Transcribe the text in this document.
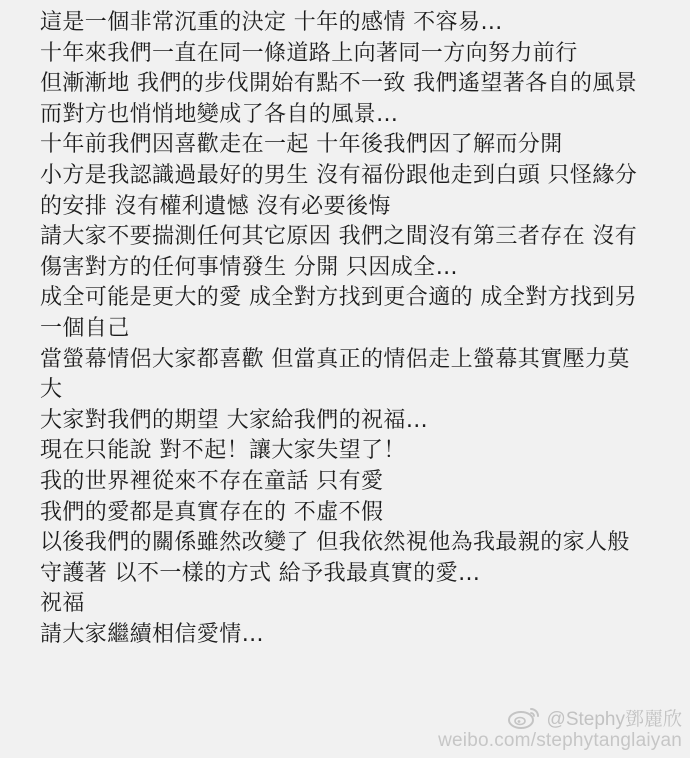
這是一個非常沉重的決定 十年的感情 不容易…
十年來我們一直在同一條道路上向著同一方向努力前行
但漸漸地 我們的步伐開始有點不一致 我們遙望著各自的風景
而對方也悄悄地變成了各自的風景…
十年前我們因喜歡走在一起 十年後我們因了解而分開
小方是我認識過最好的男生 沒有福份跟他走到白頭 只怪緣分
的安排 沒有權利遺憾 沒有必要後悔
請大家不要揣測任何其它原因 我們之間沒有第三者存在 沒有
傷害對方的任何事情發生 分開 只因成全…
成全可能是更大的愛 成全對方找到更合適的 成全對方找到另
一個自己
當螢幕情侶大家都喜歡 但當真正的情侶走上螢幕其實壓力莫
大
大家對我們的期望 大家給我們的祝福…
現在只能說 對不起！讓大家失望了！
我的世界裡從來不存在童話 只有愛
我們的愛都是真實存在的 不虛不假
以後我們的關係雖然改變了 但我依然視他為我最親的家人般
守護著 以不一樣的方式 給予我最真實的愛…
祝福
請大家繼續相信愛情…
@Stephy鄧麗欣
weibo.com/stephytanglaiyan
